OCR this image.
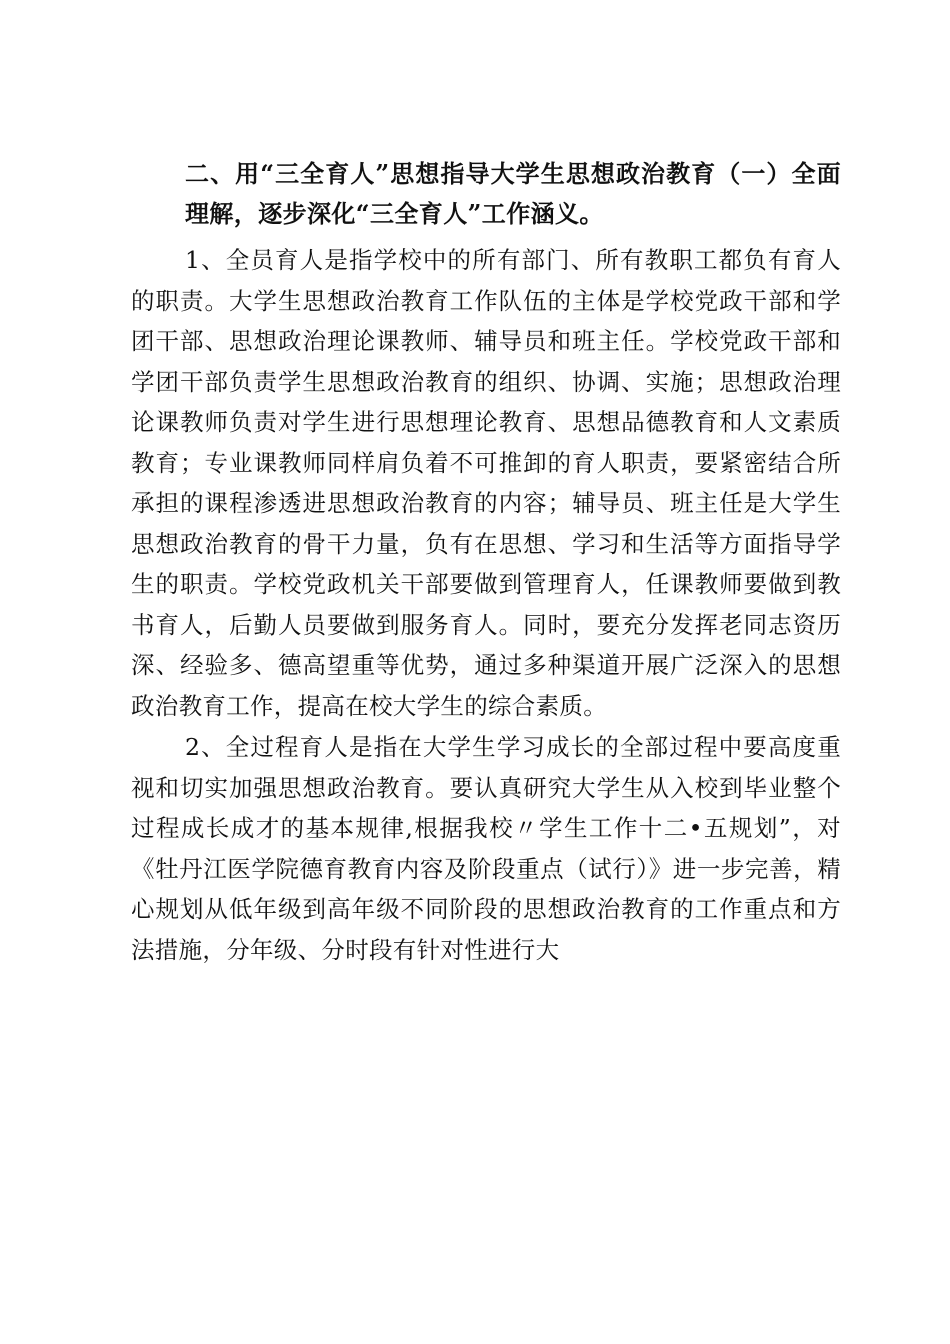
二、用“三全育人”思想指导大学生思想政治教育（一）全面理解，逐步深化“三全育人”工作涵义。

1、全员育人是指学校中的所有部门、所有教职工都负有育人的职责。大学生思想政治教育工作队伍的主体是学校党政干部和学团干部、思想政治理论课教师、辅导员和班主任。学校党政干部和学团干部负责学生思想政治教育的组织、协调、实施；思想政治理论课教师负责对学生进行思想理论教育、思想品德教育和人文素质教育；专业课教师同样肩负着不可推卸的育人职责，要紧密结合所承担的课程渗透进思想政治教育的内容；辅导员、班主任是大学生思想政治教育的骨干力量，负有在思想、学习和生活等方面指导学生的职责。学校党政机关干部要做到管理育人，任课教师要做到教书育人，后勤人员要做到服务育人。同时，要充分发挥老同志资历深、经验多、德高望重等优势，通过多种渠道开展广泛深入的思想政治教育工作，提高在校大学生的综合素质。

2、全过程育人是指在大学生学习成长的全部过程中要高度重视和切实加强思想政治教育。要认真研究大学生从入校到毕业整个过程成长成才的基本规律,根据我校〃学生工作十二•五规划”，对《牡丹江医学院德育教育内容及阶段重点（试行）》进一步完善，精心规划从低年级到高年级不同阶段的思想政治教育的工作重点和方法措施，分年级、分时段有针对性进行大
